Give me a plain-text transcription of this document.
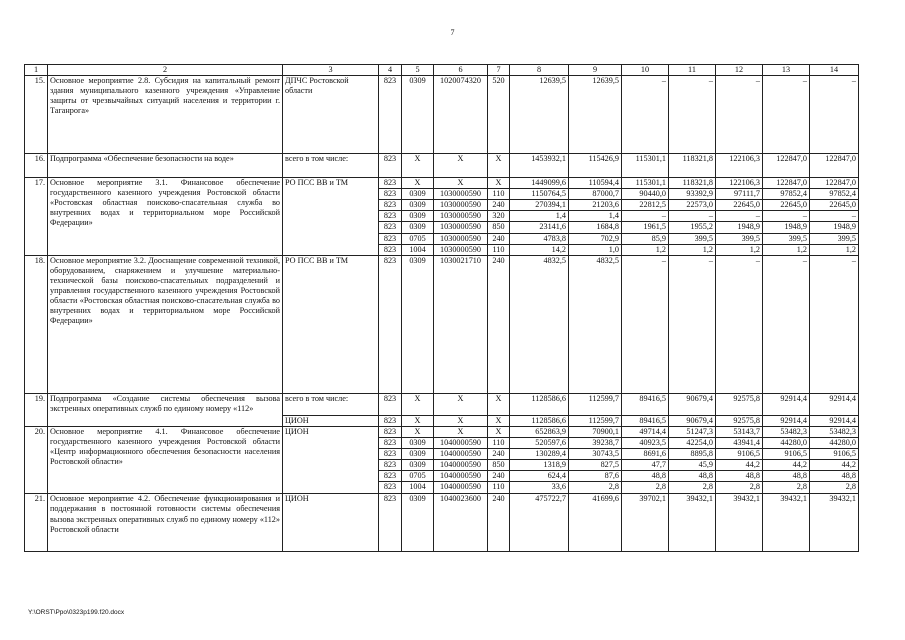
7
1	2	3	4	5	6	7	8	9	10	11	12	13	14	
15.	Основное мероприятие 2.8. Субсидия на капитальный ремонт здания муниципального казенного учреждения «Управление защиты от чрезвычайных ситуаций населения и территории г. Таганрога»	ДПЧС Ростовской области	823	0309	1020074320	520	12639,5	12639,5	–	–	–	–	–	
16.	Подпрограмма «Обеспечение безопасности на воде»	всего в том числе:	823	Х	Х	Х	1453932,1	115426,9	115301,1	118321,8	122106,3	122847,0	122847,0	
17.	Основное мероприятие 3.1. Финансовое обеспечение государственного казенного учреждения Ростовской области «Ростовская областная поисково-спасательная служба во внутренних водах и территориальном море Российской Федерации»	РО ПСС ВВ и ТМ	823	Х	Х	Х	1449099,6	110594,4	115301,1	118321,8	122106,3	122847,0	122847,0	
			823	0309	1030000590	110	1150764,5	87000,7	90440,0	93392,9	97111,7	97852,4	97852,4	
			823	0309	1030000590	240	270394,1	21203,6	22812,5	22573,0	22645,0	22645,0	22645,0	
			823	0309	1030000590	320	1,4	1,4	–	–	–	–	–	
			823	0309	1030000590	850	23141,6	1684,8	1961,5	1955,2	1948,9	1948,9	1948,9	
			823	0705	1030000590	240	4783,8	702,9	85,9	399,5	399,5	399,5	399,5	
			823	1004	1030000590	110	14,2	1,0	1,2	1,2	1,2	1,2	1,2	
18.	Основное мероприятие 3.2. Дооснащение современной техникой, оборудованием, снаряжением и улучшение материально-технической базы поисково-спасательных подразделений и управления государственного казенного учреждения Ростовской области «Ростовская областная поисково-спасательная служба во внутренних водах и территориальном море Российской Федерации»	РО ПСС ВВ и ТМ	823	0309	1030021710	240	4832,5	4832,5	–	–	–	–	–	
19.	Подпрограмма «Создание системы обеспечения вызова экстренных оперативных служб по единому номеру «112»	всего в том числе:	823	Х	Х	Х	1128586,6	112599,7	89416,5	90679,4	92575,8	92914,4	92914,4	
		ЦИОН	823	Х	Х	Х	1128586,6	112599,7	89416,5	90679,4	92575,8	92914,4	92914,4	
20.	Основное мероприятие 4.1. Финансовое обеспечение государственного казенного учреждения Ростовской области «Центр информационного обеспечения безопасности населения Ростовской области»	ЦИОН	823	Х	Х	Х	652863,9	70900,1	49714,4	51247,3	53143,7	53482,3	53482,3	
			823	0309	1040000590	110	520597,6	39238,7	40923,5	42254,0	43941,4	44280,0	44280,0	
			823	0309	1040000590	240	130289,4	30743,5	8691,6	8895,8	9106,5	9106,5	9106,5	
			823	0309	1040000590	850	1318,9	827,5	47,7	45,9	44,2	44,2	44,2	
			823	0705	1040000590	240	624,4	87,6	48,8	48,8	48,8	48,8	48,8	
			823	1004	1040000590	110	33,6	2,8	2,8	2,8	2,8	2,8	2,8	
21.	Основное мероприятие 4.2. Обеспечение функционирования и поддержания в постоянной готовности системы обеспечения вызова экстренных оперативных служб по единому номеру «112» Ростовской области	ЦИОН	823	0309	1040023600	240	475722,7	41699,6	39702,1	39432,1	39432,1	39432,1	39432,1	
Y:\ORST\Ppo\0323p199.f20.docx
